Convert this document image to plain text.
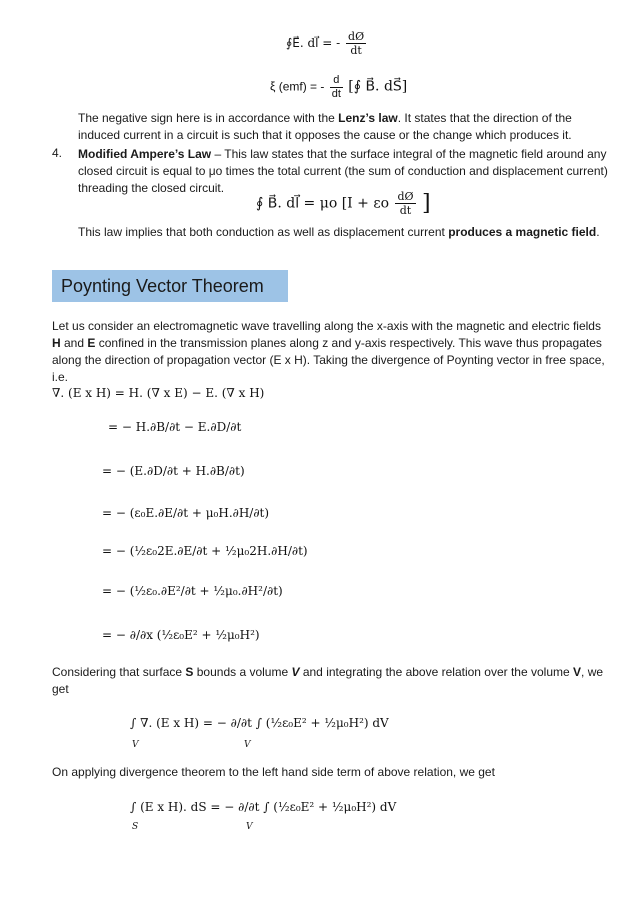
∮E⃗. dl⃗ = - $\frac{dØ}{dt}$
ξ (emf) = - $\frac{d}{dt}$ [∮ B⃗. dS⃗]
The negative sign here is in accordance with the Lenz’s law. It states that the direction of the induced current in a circuit is such that it opposes the cause or the change which produces it.
4. Modified Ampere’s Law – This law states that the surface integral of the magnetic field around any closed circuit is equal to μo times the total current (the sum of conduction and displacement current) threading the closed circuit.
∮ B⃗. dl⃗ = μo [I + εo $\frac{dØ}{dt}$ ]
This law implies that both conduction as well as displacement current produces a magnetic field.
Poynting Vector Theorem
Let us consider an electromagnetic wave travelling along the x-axis with the magnetic and electric fields H and E confined in the transmission planes along z and y-axis respectively. This wave thus propagates along the direction of propagation vector (E x H). Taking the divergence of Poynting vector in free space, i.e.
∇. (E x H) = H. (∇ x E) − E. (∇ x H)
= − H.∂B/∂t − E.∂D/∂t
= − (E.∂D/∂t + H.∂B/∂t)
= − (ε₀E.∂E/∂t + μ₀H.∂H/∂t)
= − (½ε₀2E.∂E/∂t + ½μ₀2H.∂H/∂t)
= − (½ε₀.∂E²/∂t + ½μ₀.∂H²/∂t)
= − ∂/∂x (½ε₀E² + ½μ₀H²)
Considering that surface S bounds a volume V and integrating the above relation over the volume V, we get
∫ ∇. (E x H) = − ∂/∂t ∫ (½ε₀E² + ½μ₀H²) dV
V	V
On applying divergence theorem to the left hand side term of above relation, we get
∫ (E x H). dS = − ∂/∂t ∫ (½ε₀E² + ½μ₀H²) dV
S	V
